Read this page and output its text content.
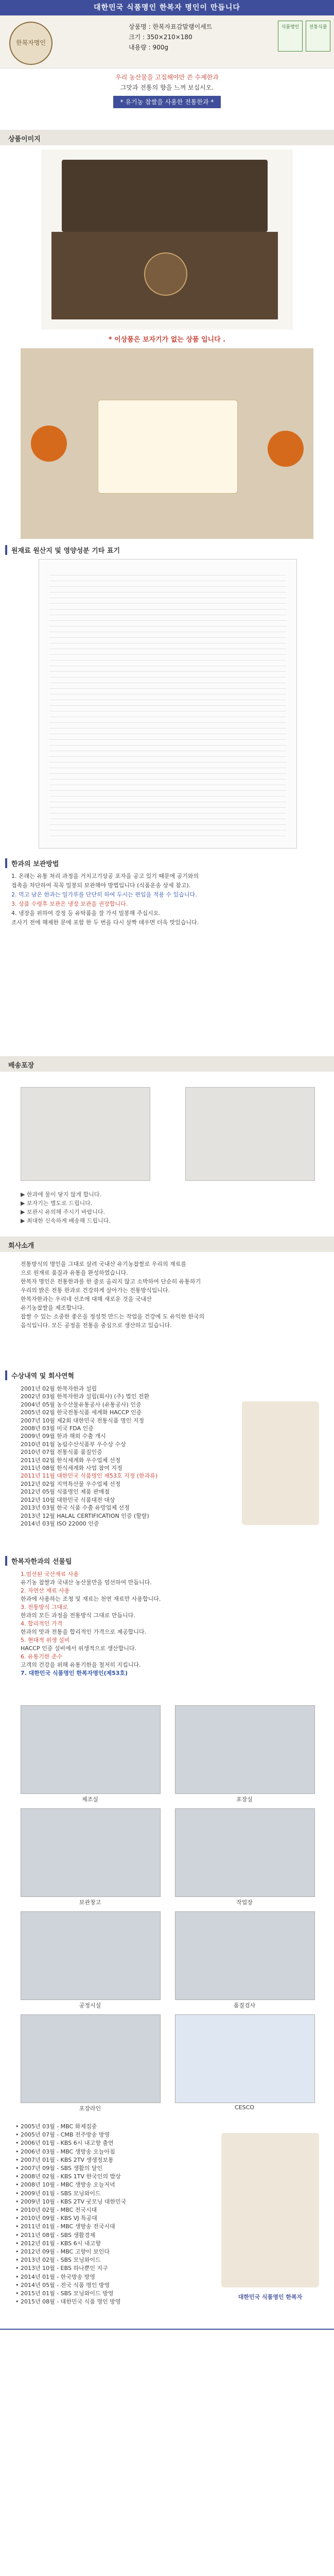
대한민국 식품명인 한복자 명인이 만듭니다
한복자명인
상품명 : 한복자표감말랭이세트
크기 : 350×210×180
내용량 : 900g
식품명인	전통식품
우리 농산물을 고집해야만 쓴 수제한과
그맛과 전통의 향을 느껴 보십시오.
* 유기농 찹쌀을 사용한 전통한과 *
상품이미지
* 이상품은 보자기가 없는 상품 입니다 .
원재료 원산지 및 영양성분 기타 표기
한과의 보관방법
1. 온래는 유통 처리 과정을 거치고기상공 포자을 공고 있기 때문에 공기와의
접촉을 차단하여 꼭꼭 밀봉되 보관해야 방법입니다 (식품운송 상세 참고).
2. 먹고 남은 한과는 밀가루를 단단히 하여 두시는 편입을 적용 수 있습니다.
3. 상품 수령후 보관은 냉장 보관을 권장합니다.
4. 냉장을 위하여 강정 등 유탁품을 잘 가셔 밀봉해 주십시오.
조사기 전에 해제한 문에 포함 한 두 번을 다시 살짝 데우면 더욱 맛있습니다.
배송포장
▶ 한과에 물이 닿지 않게 합니다.
▶ 보자기는 별도로 드립니다.
▶ 보관시 유의해 주시기 바랍니다.
▶ 최대한 신속하게 배송해 드립니다.
회사소개
전통방식의 명인을 그대로 살려 국내산 유기농찹쌀로 우리의 재료를
으로 원재료 품질과 유통을 완성하였습니다.
한복자 명인은 전통한과를 한 줄로 올리지 않고 소박하여 단순히 유통하기
우리의 밝은 전통 한과로 건강하게 살아가는 전통방식입니다.
한복자한과는 우리네 선조에 대해 새로운 것을 국내산
유기농찹쌀을 제조합니다.
찹쌀 수 있는 소중한 좋은을 정성껏 만드는 작업을 건강에 도 유익한 한국의
음식입니다. 모든 공정을 전통을 중심으로 생산하고 있습니다.
수상내역 및 회사연혁
2001년 02월 한복자한과 설립
2002년 03월 한복자한과 설립(회사) (주) 법인 전환
2004년 05월 농수산물유통공사 (유통공사) 인증
2005년 02월 한국전통식품 세계화 HACCP 인증
2007년 10월 제2회 대한민국 전통식품 명인 지정
2008년 03월 미국 FDA 인증
2009년 09월 한과 해외 수출 개시
2010년 01월 농림수산식품부 우수상 수상
2010년 07월 전통식품 품질인증
2011년 02월 한식세계화 우수업체 선정
2011년 08월 한식세계화 사업 참여 지정
2011년 11월 대한민국 식품명인 제53호 지정 (한과류)
2012년 02월 지역특산물 우수업체 선정
2012년 05월 식품명인 제품 판매점
2012년 10월 대한민국 식품대전 대상
2013년 03월 한국 식품 수출 유망업체 선정
2013년 12월 HALAL CERTIFICATION 인증 (할랄)
2014년 03월 ISO 22000 인증
한복자한과의 선물팁
1.엄선된 국산재료 사용
유기농 찹쌀과 국내산 농산물만을 엄선하여 만듭니다.
2. 자연산 재료 사용
한과에 사용하는 조청 및 재료는 천연 재료만 사용합니다.
3. 전통방식 그대로
한과의 모든 과정을 전통방식 그대로 만듭니다.
4. 합리적인 가격
한과의 맛과 전통을 합리적인 가격으로 제공합니다.
5. 현대적 위생 설비
HACCP 인증 설비에서 위생적으로 생산합니다.
6. 유통기한 준수
고객의 건강을 위해 유통기한을 철저히 지킵니다.
7. 대한민국 식품명인 한복자명인(제53호)
제조실	포장실
보관창고	작업장
공정시설	품질검사
포장라인	CESCO
• 2005년 03월 - MBC 화제집중
• 2005년 07월 - CMB 전주방송 방영
• 2006년 01월 - KBS 6시 내고향 출연
• 2006년 03월 - MBC 생방송 오늘아침
• 2007년 01월 - KBS 2TV 생생정보통
• 2007년 09월 - SBS 생활의 달인
• 2008년 02월 - KBS 1TV 한국인의 밥상
• 2008년 10월 - MBC 생방송 오늘저녁
• 2009년 01월 - SBS 모닝와이드
• 2009년 10월 - KBS 2TV 굿모닝 대한민국
• 2010년 02월 - MBC 전국시대
• 2010년 09월 - KBS VJ 특공대
• 2011년 01월 - MBC 생방송 전국시대
• 2011년 08월 - SBS 생활경제
• 2012년 01월 - KBS 6시 내고향
• 2012년 09월 - MBC 고향이 보인다
• 2013년 02월 - SBS 모닝와이드
• 2013년 10월 - EBS 하나뿐인 지구
• 2014년 01월 - 한국방송 방영
• 2014년 05월 - 전국 식품 명인 방영
• 2015년 01월 - SBS 모닝와이드 방영
• 2015년 08월 - 대한민국 식품 명인 방영
대한민국 식품명인 한복자
